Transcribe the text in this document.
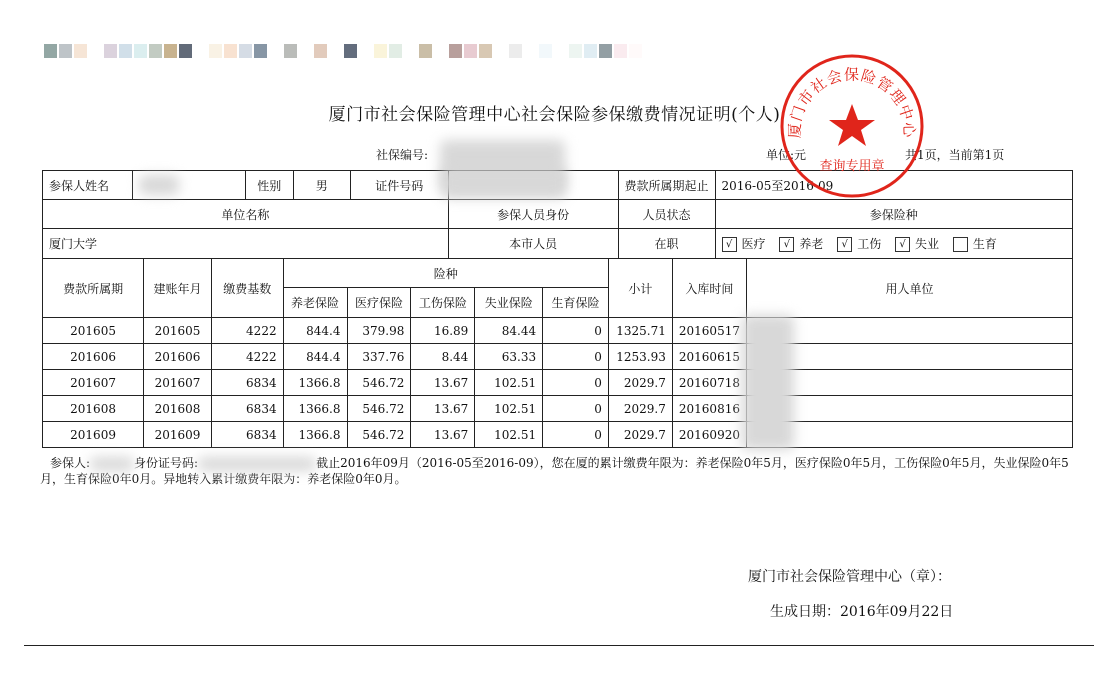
厦门市社会保险管理中心社会保险参保缴费情况证明(个人)
社保编号:	单位:元	共1页，当前第1页
参保人姓名		性别	男	证件号码		费款所属期起止	2016-05至2016-09
单位名称					参保人员身份	人员状态	参保险种
厦门大学					本市人员	在职	√ 医疗 √ 养老 √ 工伤 √ 失业 生育
费款所属期	建账年月	缴费基数	险种					小计	入库时间	用人单位
			养老保险	医疗保险	工伤保险	失业保险	生育保险			
201605	201605	4222	844.4	379.98	16.89	84.44	0	1325.71	20160517	
201606	201606	4222	844.4	337.76	8.44	63.33	0	1253.93	20160615	
201607	201607	6834	1366.8	546.72	13.67	102.51	0	2029.7	20160718	
201608	201608	6834	1366.8	546.72	13.67	102.51	0	2029.7	20160816	
201609	201609	6834	1366.8	546.72	13.67	102.51	0	2029.7	20160920	
参保人:	身份证号码:	截止2016年09月（2016-05至2016-09），您在厦的累计缴费年限为：养老保险0年5月，医疗保险0年5月，工伤保险0年5月，失业保险0年5月，生育保险0年0月。异地转入累计缴费年限为：养老保险0年0月。
厦门市社会保险管理中心（章）：
生成日期：2016年09月22日
厦门市社会保险管理中心
查询专用章
